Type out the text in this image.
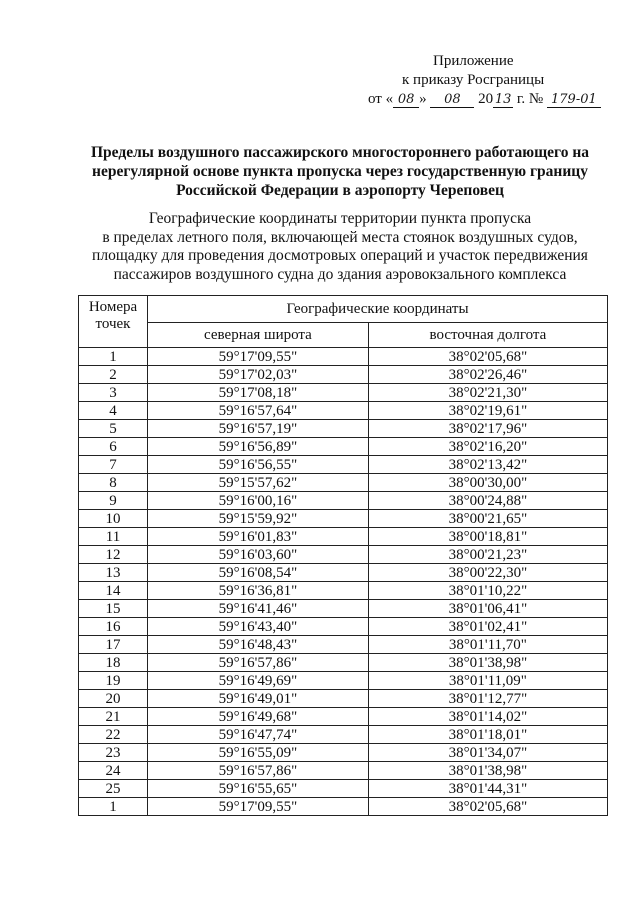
Приложение
к приказу Росграницы
от « 08 » 08 20 13 г. № 179-01
Пределы воздушного пассажирского многостороннего работающего на
нерегулярной основе пункта пропуска через государственную границу
Российской Федерации в аэропорту Череповец
Географические координаты территории пункта пропуска
в пределах летного поля, включающей места стоянок воздушных судов,
площадку для проведения досмотровых операций и участок передвижения
пассажиров воздушного судна до здания аэровокзального комплекса
Номера точек	Географические координаты	
	северная широта	восточная долгота
1	59°17'09,55"	38°02'05,68"
2	59°17'02,03"	38°02'26,46"
3	59°17'08,18"	38°02'21,30"
4	59°16'57,64"	38°02'19,61"
5	59°16'57,19"	38°02'17,96"
6	59°16'56,89"	38°02'16,20"
7	59°16'56,55"	38°02'13,42"
8	59°15'57,62"	38°00'30,00"
9	59°16'00,16"	38°00'24,88"
10	59°15'59,92"	38°00'21,65"
11	59°16'01,83"	38°00'18,81"
12	59°16'03,60"	38°00'21,23"
13	59°16'08,54"	38°00'22,30"
14	59°16'36,81"	38°01'10,22"
15	59°16'41,46"	38°01'06,41"
16	59°16'43,40"	38°01'02,41"
17	59°16'48,43"	38°01'11,70"
18	59°16'57,86"	38°01'38,98"
19	59°16'49,69"	38°01'11,09"
20	59°16'49,01"	38°01'12,77"
21	59°16'49,68"	38°01'14,02"
22	59°16'47,74"	38°01'18,01"
23	59°16'55,09"	38°01'34,07"
24	59°16'57,86"	38°01'38,98"
25	59°16'55,65"	38°01'44,31"
1	59°17'09,55"	38°02'05,68"
